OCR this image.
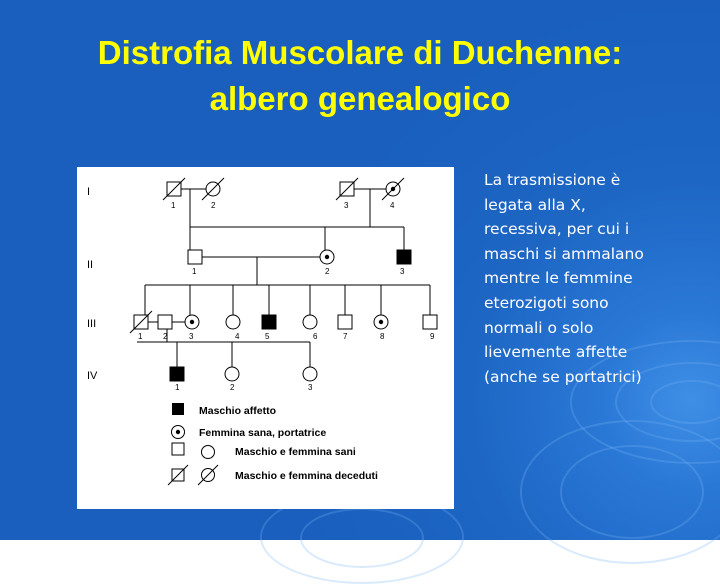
Distrofia Muscolare di Duchenne:
albero genealogico
I
II
III
IV
1	2	3	4
1	2	3
1	2	3	4	5	6	7	8	9
1	2	3
Maschio affetto
Femmina sana, portatrice
Maschio e femmina sani
Maschio e femmina deceduti
La trasmissione è
legata alla X,
recessiva, per cui i
maschi si ammalano
mentre le femmine
eterozigoti sono
normali o solo
lievemente affette
(anche se portatrici)
